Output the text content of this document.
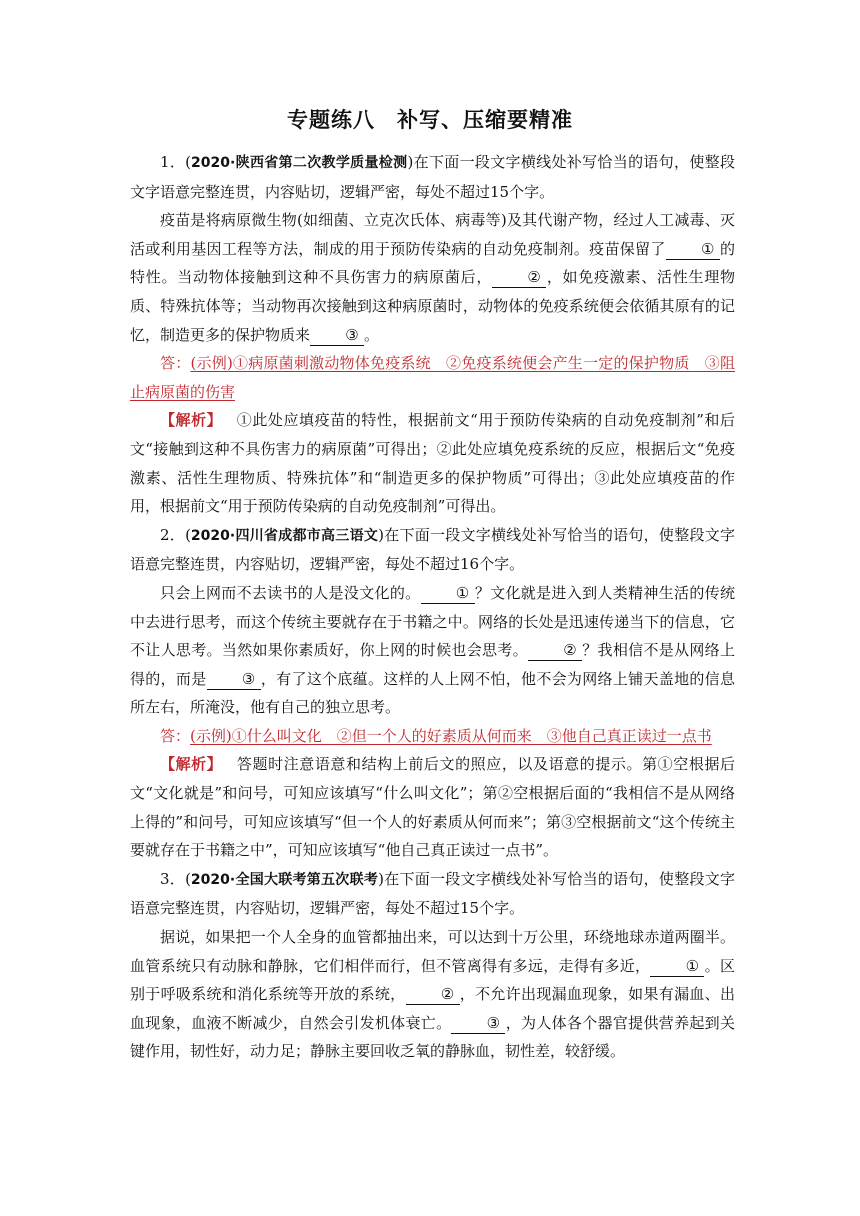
专题练八　补写、压缩要精准

1．(2020·陕西省第二次教学质量检测)在下面一段文字横线处补写恰当的语句，使整段文字语意完整连贯，内容贴切，逻辑严密，每处不超过15个字。

疫苗是将病原微生物(如细菌、立克次氏体、病毒等)及其代谢产物，经过人工减毒、灭活或利用基因工程等方法，制成的用于预防传染病的自动免疫制剂。疫苗保留了 ① 的特性。当动物体接触到这种不具伤害力的病原菌后， ② ，如免疫激素、活性生理物质、特殊抗体等；当动物再次接触到这种病原菌时，动物体的免疫系统便会依循其原有的记忆，制造更多的保护物质来 ③ 。

答：(示例)①病原菌刺激动物体免疫系统　②免疫系统便会产生一定的保护物质　③阻止病原菌的伤害

【解析】 ①此处应填疫苗的特性，根据前文“用于预防传染病的自动免疫制剂”和后文“接触到这种不具伤害力的病原菌”可得出；②此处应填免疫系统的反应，根据后文“免疫激素、活性生理物质、特殊抗体”和“制造更多的保护物质”可得出；③此处应填疫苗的作用，根据前文“用于预防传染病的自动免疫制剂”可得出。

2．(2020·四川省成都市高三语文)在下面一段文字横线处补写恰当的语句，使整段文字语意完整连贯，内容贴切，逻辑严密，每处不超过16个字。

只会上网而不去读书的人是没文化的。 ① ？文化就是进入到人类精神生活的传统中去进行思考，而这个传统主要就存在于书籍之中。网络的长处是迅速传递当下的信息，它不让人思考。当然如果你素质好，你上网的时候也会思考。 ② ？我相信不是从网络上得的，而是 ③ ，有了这个底蕴。这样的人上网不怕，他不会为网络上铺天盖地的信息所左右，所淹没，他有自己的独立思考。

答：(示例)①什么叫文化　②但一个人的好素质从何而来　③他自己真正读过一点书

【解析】 答题时注意语意和结构上前后文的照应，以及语意的提示。第①空根据后文“文化就是”和问号，可知应该填写“什么叫文化”；第②空根据后面的“我相信不是从网络上得的”和问号，可知应该填写“但一个人的好素质从何而来”；第③空根据前文“这个传统主要就存在于书籍之中”，可知应该填写“他自己真正读过一点书”。

3．(2020·全国大联考第五次联考)在下面一段文字横线处补写恰当的语句，使整段文字语意完整连贯，内容贴切，逻辑严密，每处不超过15个字。

据说，如果把一个人全身的血管都抽出来，可以达到十万公里，环绕地球赤道两圈半。血管系统只有动脉和静脉，它们相伴而行，但不管离得有多远，走得有多近， ① 。区别于呼吸系统和消化系统等开放的系统， ② ，不允许出现漏血现象，如果有漏血、出血现象，血液不断减少，自然会引发机体衰亡。 ③ ，为人体各个器官提供营养起到关键作用，韧性好，动力足；静脉主要回收乏氧的静脉血，韧性差，较舒缓。
